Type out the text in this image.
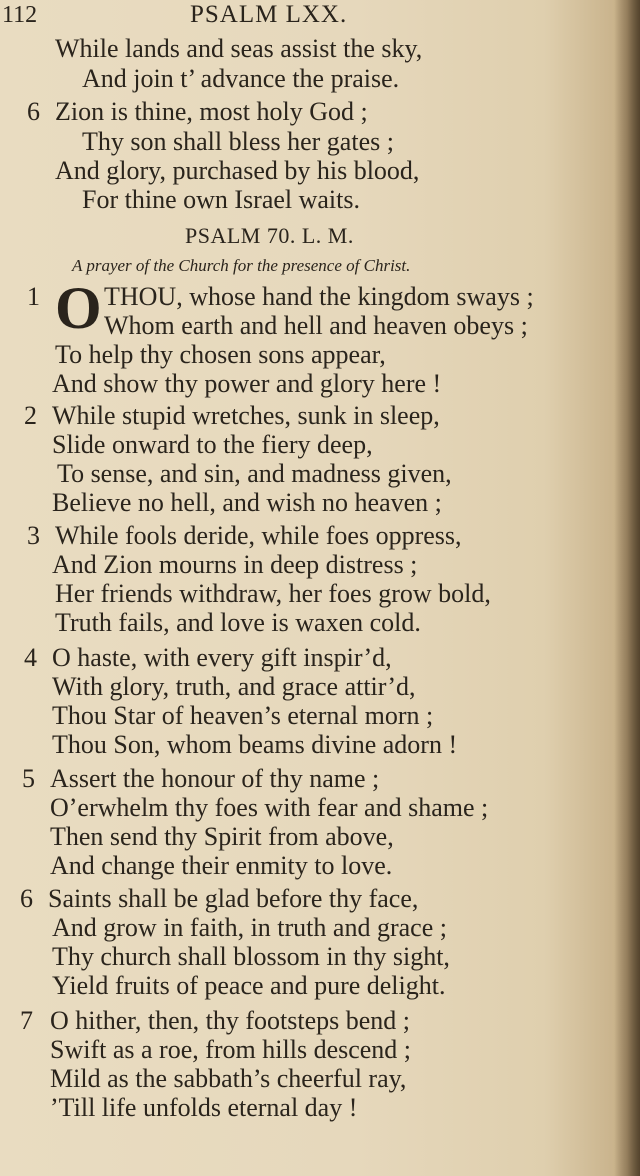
112	PSALM LXX.
While lands and seas assist the sky,
And join t’ advance the praise.
6 Zion is thine, most holy God ;
Thy son shall bless her gates ;
And glory, purchased by his blood,
For thine own Israel waits.
PSALM 70. L. M.
A prayer of the Church for the presence of Christ.
1 O THOU, whose hand the kingdom sways ;
Whom earth and hell and heaven obeys ;
To help thy chosen sons appear,
And show thy power and glory here !
2 While stupid wretches, sunk in sleep,
Slide onward to the fiery deep,
To sense, and sin, and madness given,
Believe no hell, and wish no heaven ;
3 While fools deride, while foes oppress,
And Zion mourns in deep distress ;
Her friends withdraw, her foes grow bold,
Truth fails, and love is waxen cold.
4 O haste, with every gift inspir’d,
With glory, truth, and grace attir’d,
Thou Star of heaven’s eternal morn ;
Thou Son, whom beams divine adorn !
5 Assert the honour of thy name ;
O’erwhelm thy foes with fear and shame ;
Then send thy Spirit from above,
And change their enmity to love.
6 Saints shall be glad before thy face,
And grow in faith, in truth and grace ;
Thy church shall blossom in thy sight,
Yield fruits of peace and pure delight.
7 O hither, then, thy footsteps bend ;
Swift as a roe, from hills descend ;
Mild as the sabbath’s cheerful ray,
’Till life unfolds eternal day !
